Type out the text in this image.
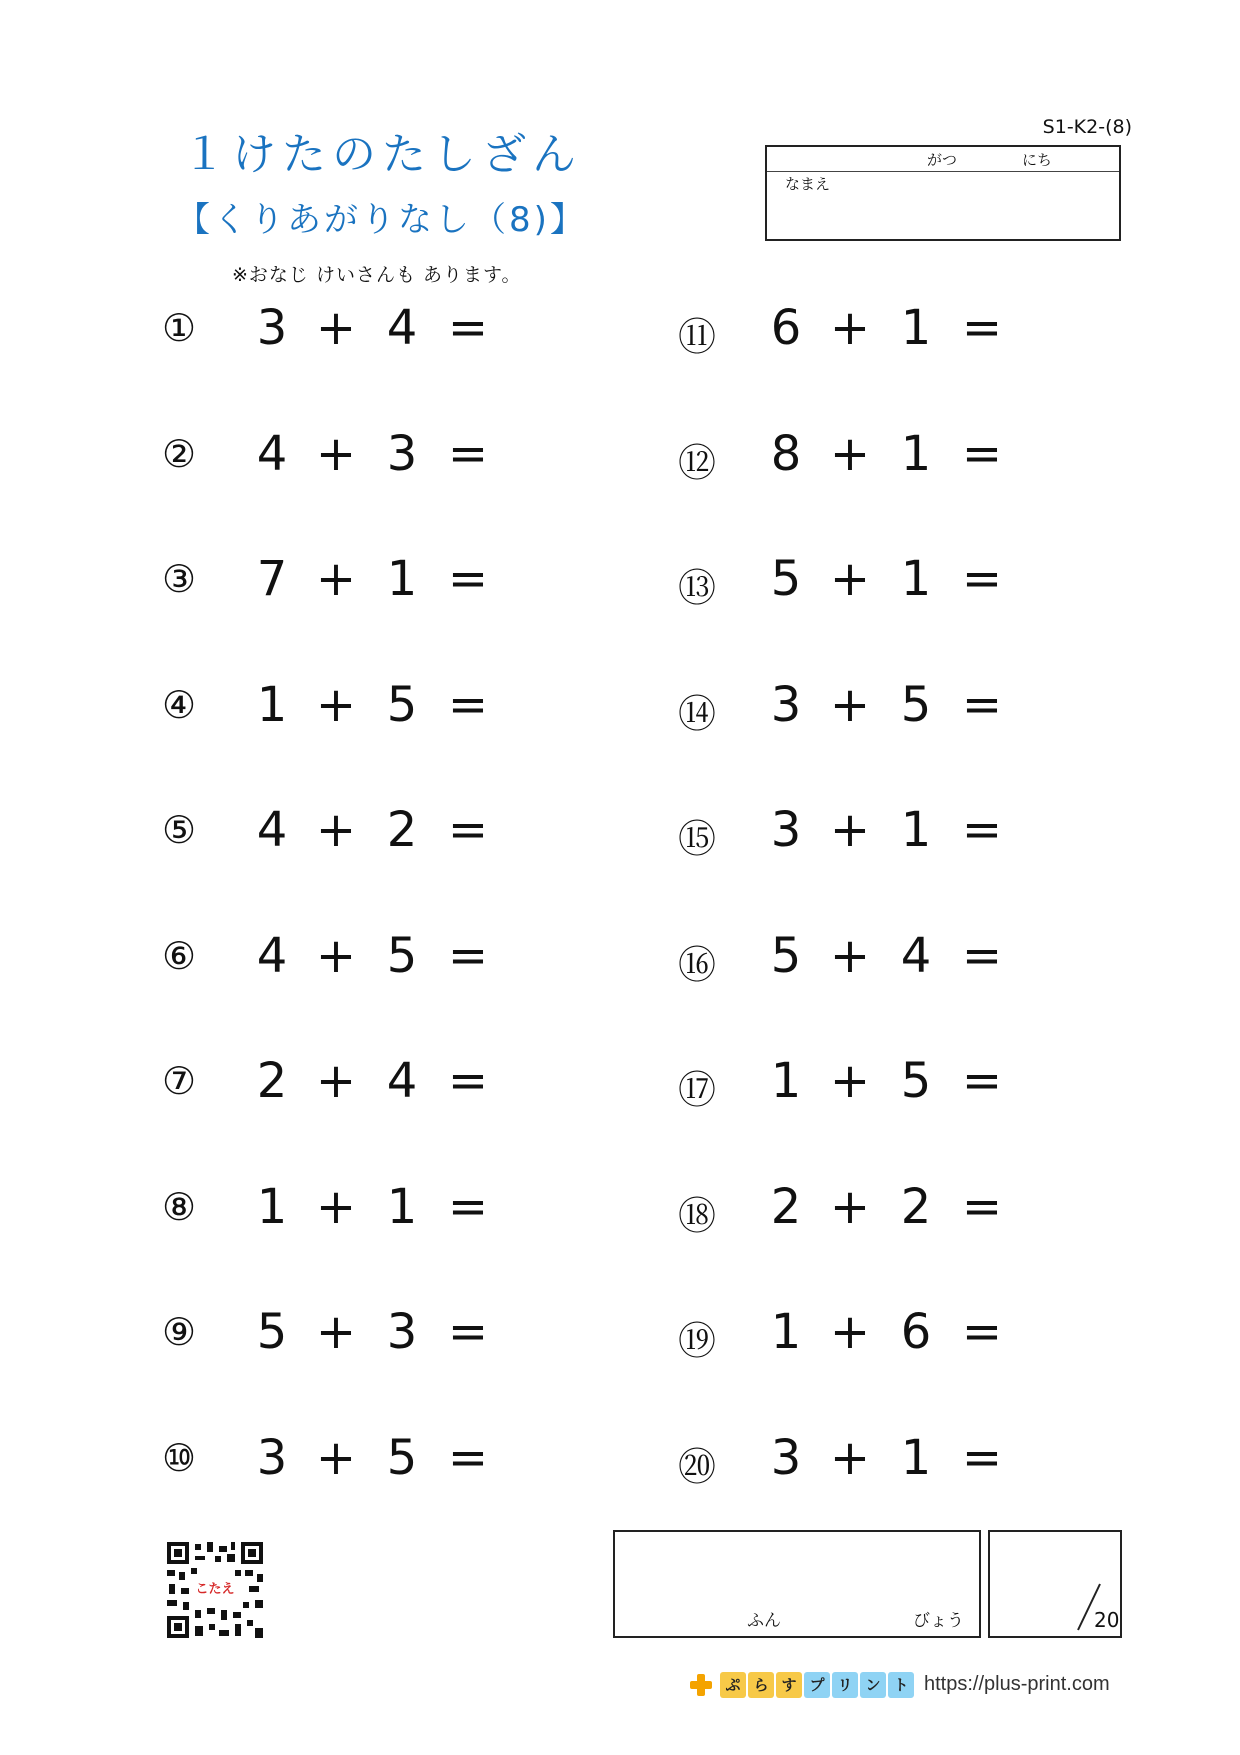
１けたのたしざん
【くりあがりなし（8)】
※おなじ けいさんも あります。
S1-K2-(8)
がつ	にち
なまえ
①	3 + 4 =
②	4 + 3 =
③	7 + 1 =
④	1 + 5 =
⑤	4 + 2 =
⑥	4 + 5 =
⑦	2 + 4 =
⑧	1 + 1 =
⑨	5 + 3 =
⑩	3 + 5 =
⑪	6 + 1 =
⑫	8 + 1 =
⑬	5 + 1 =
⑭	3 + 5 =
⑮	3 + 1 =
⑯	5 + 4 =
⑰	1 + 5 =
⑱	2 + 2 =
⑲	1 + 6 =
⑳	3 + 1 =
ふん	びょう	20
こたえ
ぷ ら す プ リ ン ト https://plus-print.com
